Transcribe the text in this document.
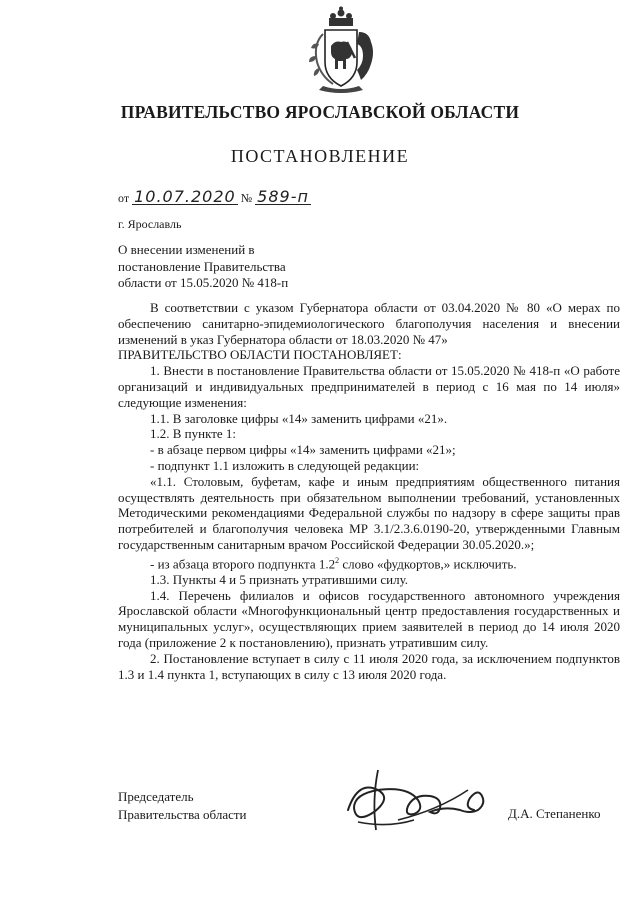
ПРАВИТЕЛЬСТВО ЯРОСЛАВСКОЙ ОБЛАСТИ
ПОСТАНОВЛЕНИЕ
от 10.07.2020 № 589-п
г. Ярославль
О внесении изменений в
постановление Правительства
области от 15.05.2020 № 418-п

В соответствии с указом Губернатора области от 03.04.2020 № 80 «О мерах по обеспечению санитарно-эпидемиологического благополучия населения и внесении изменений в указ Губернатора области от 18.03.2020 № 47»

ПРАВИТЕЛЬСТВО ОБЛАСТИ ПОСТАНОВЛЯЕТ:

1. Внести в постановление Правительства области от 15.05.2020 № 418-п «О работе организаций и индивидуальных предпринимателей в период с 16 мая по 14 июля» следующие изменения:

1.1. В заголовке цифры «14» заменить цифрами «21».

1.2. В пункте 1:

- в абзаце первом цифры «14» заменить цифрами «21»;

- подпункт 1.1 изложить в следующей редакции:

«1.1. Столовым, буфетам, кафе и иным предприятиям общественного питания осуществлять деятельность при обязательном выполнении требований, установленных Методическими рекомендациями Федеральной службы по надзору в сфере защиты прав потребителей и благополучия человека МР 3.1/2.3.6.0190-20, утвержденными Главным государственным санитарным врачом Российской Федерации 30.05.2020.»;

- из абзаца второго подпункта $1.2^2$ слово «фудкортов,» исключить.

1.3. Пункты 4 и 5 признать утратившими силу.

1.4. Перечень филиалов и офисов государственного автономного учреждения Ярославской области «Многофункциональный центр предоставления государственных и муниципальных услуг», осуществляющих прием заявителей в период до 14 июля 2020 года (приложение 2 к постановлению), признать утратившим силу.

2. Постановление вступает в силу с 11 июля 2020 года, за исключением подпунктов 1.3 и 1.4 пункта 1, вступающих в силу с 13 июля 2020 года.

Председатель
Правительства области	Д.А. Степаненко
